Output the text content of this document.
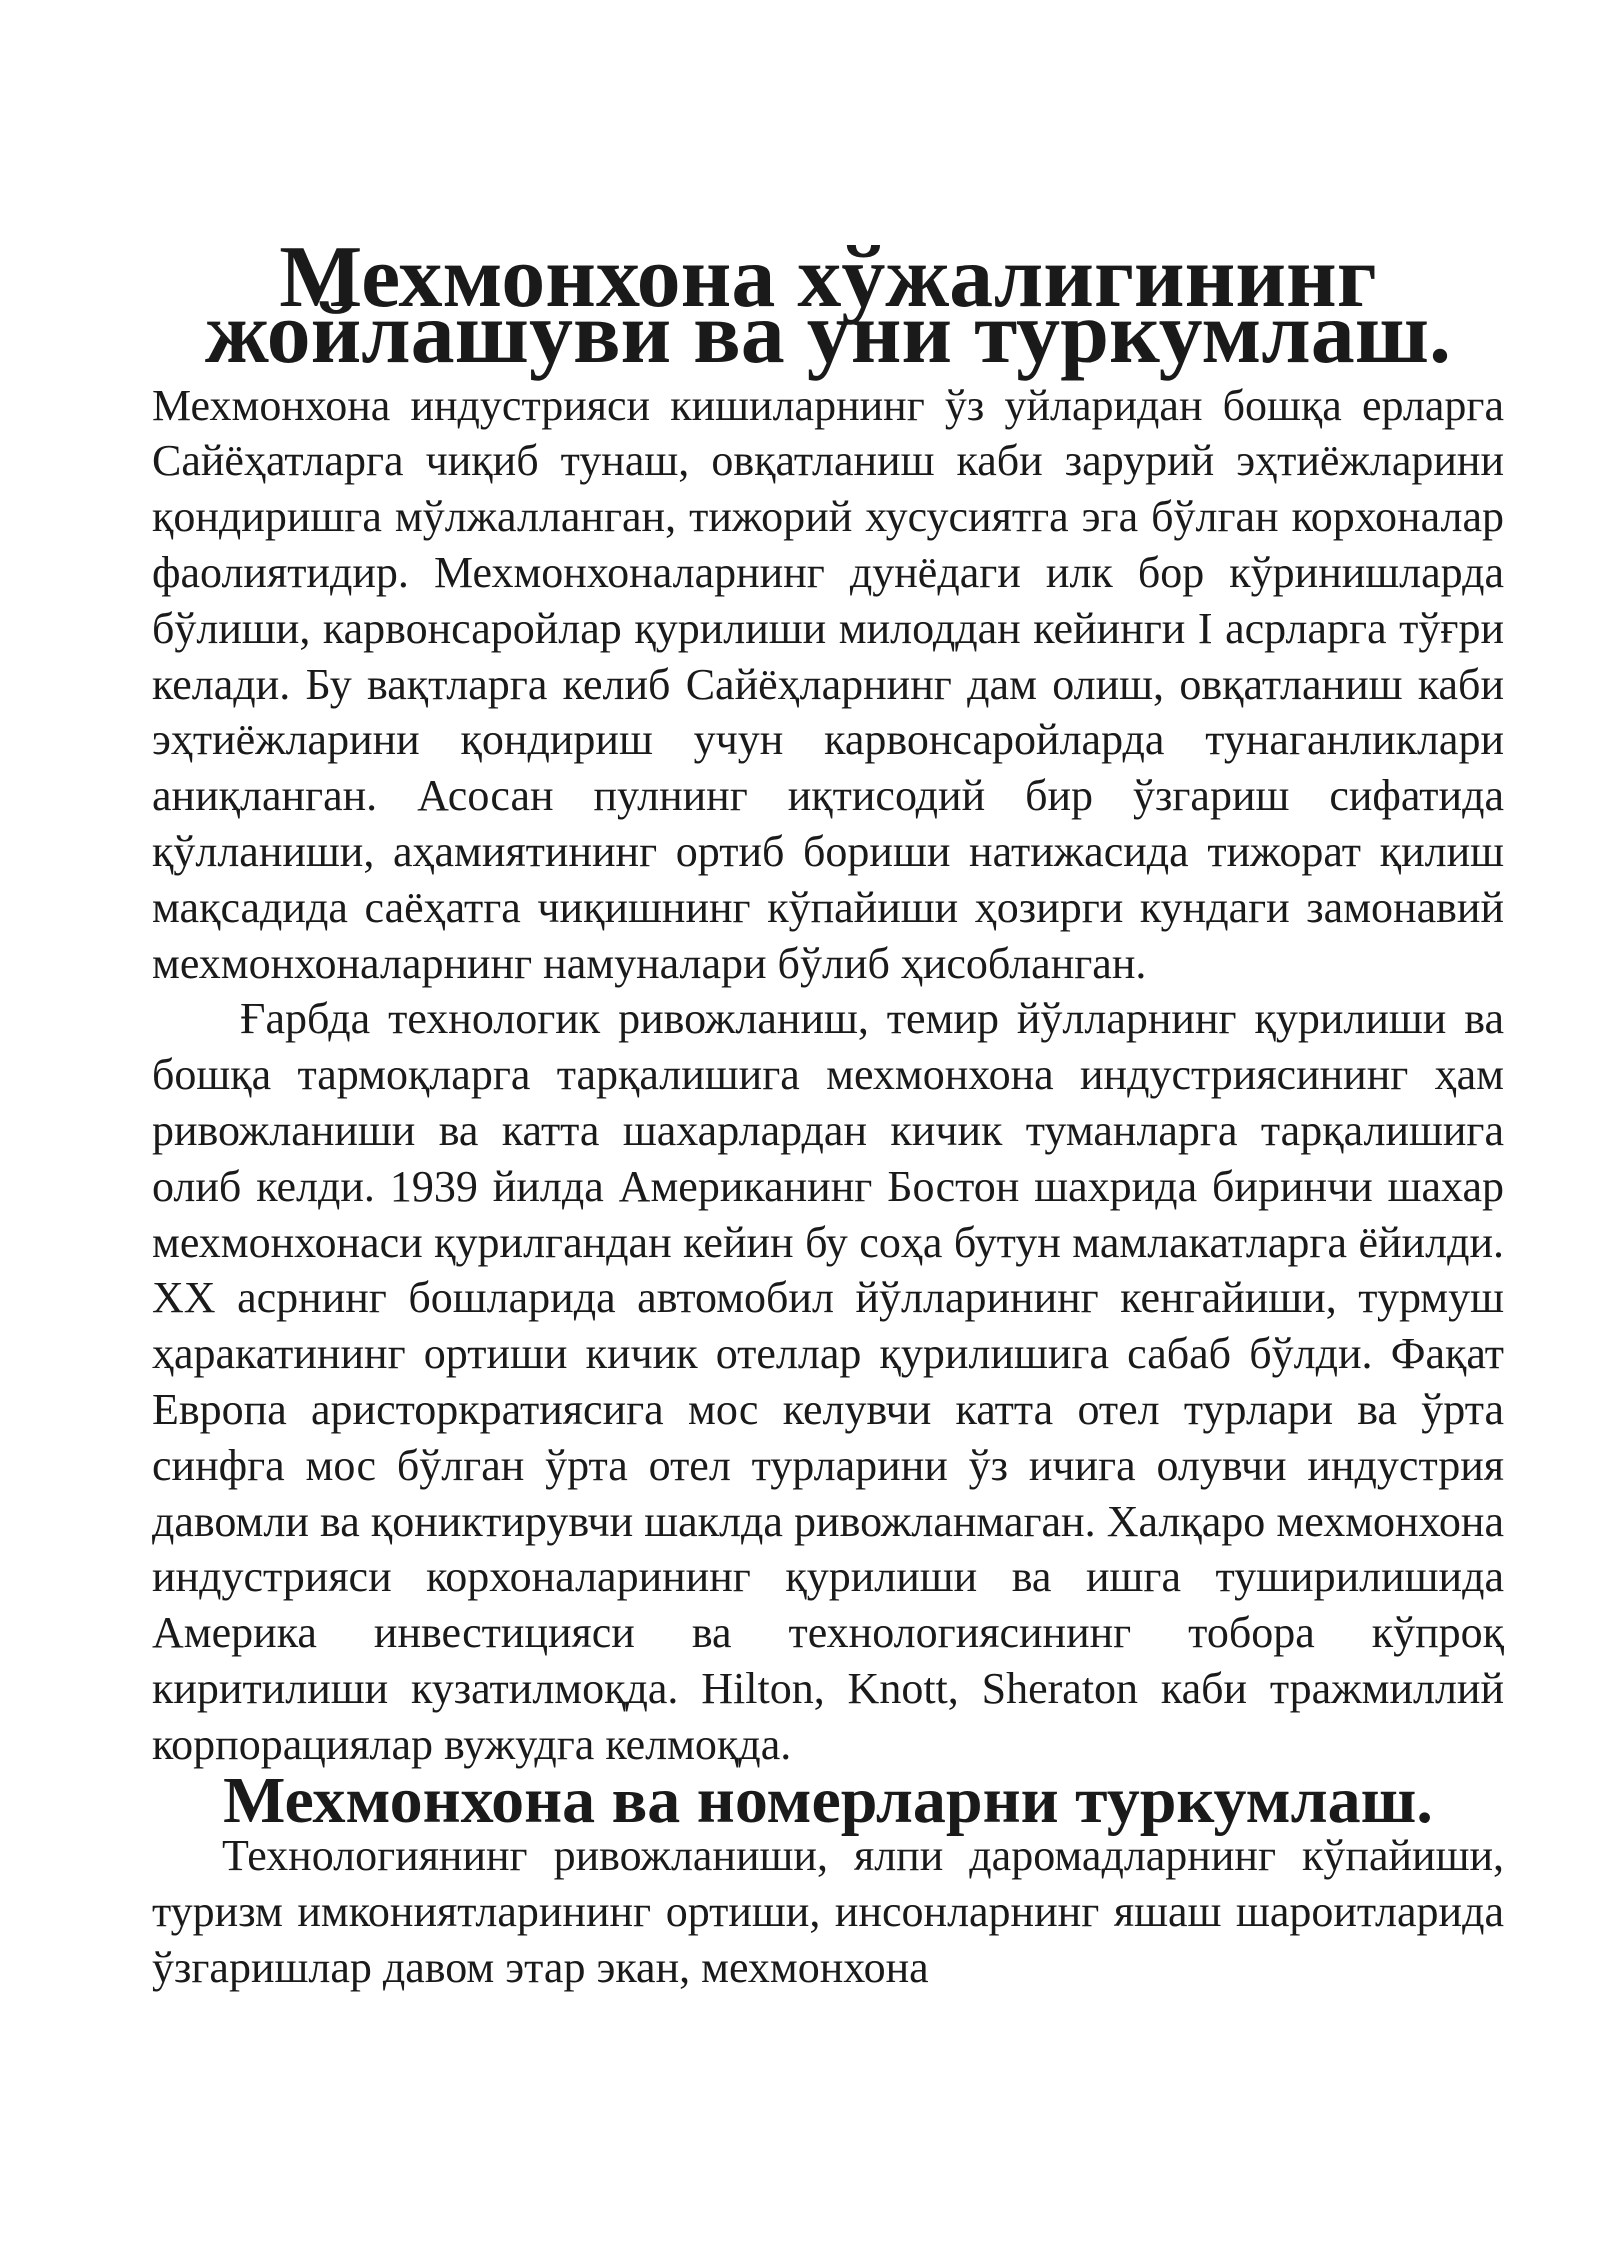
Мехмонхона хўжалигининг жойлашуви ва уни туркумлаш.

Мехмонхона индустрияси кишиларнинг ўз уйларидан бошқа ерларга Сайёҳатларга чиқиб тунаш, овқатланиш каби зарурий эҳтиёжларини қондиришга мўлжалланган, тижорий хусусиятга эга бўлган корхоналар фаолиятидир. Мехмонхоналарнинг дунёдаги илк бор кўринишларда бўлиши, карвонсаройлар қурилиши милоддан кейинги I асрларга тўғри келади. Бу вақтларга келиб Сайёҳларнинг дам олиш, овқатланиш каби эҳтиёжларини қондириш учун карвонсаройларда тунаганликлари аниқланган. Асосан пулнинг иқтисодий бир ўзгариш сифатида қўлланиши, аҳамиятининг ортиб бориши натижасида тижорат қилиш мақсадида саёҳатга чиқишнинг кўпайиши ҳозирги кундаги замонавий мехмонхоналарнинг намуналари бўлиб ҳисобланган.

Ғарбда технологик ривожланиш, темир йўлларнинг қурилиши ва бошқа тармоқларга тарқалишига мехмонхона индустриясининг ҳам ривожланиши ва катта шахарлардан кичик туманларга тарқалишига олиб келди. 1939 йилда Американинг Бостон шахрида биринчи шахар мехмонхонаси қурилгандан кейин бу соҳа бутун мамлакатларга ёйилди. XX асрнинг бошларида автомобил йўлларининг кенгайиши, турмуш ҳаракатининг ортиши кичик отеллар қурилишига сабаб бўлди. Фақат Европа аристоркратиясига мос келувчи катта отел турлари ва ўрта синфга мос бўлган ўрта отел турларини ўз ичига олувчи индустрия давомли ва қониктирувчи шаклда ривожланмаган. Халқаро мехмонхона индустрияси корхоналарининг қурилиши ва ишга туширилишида Америка инвестицияси ва технологиясининг тобора кўпроқ киритилиши кузатилмоқда. Hilton, Knott, Sheraton каби тражмиллий корпорациялар вужудга келмоқда.

Мехмонхона ва номерларни туркумлаш.

Технологиянинг ривожланиши, ялпи даромадларнинг кўпайиши, туризм имкониятларининг ортиши, инсонларнинг яшаш шароитларида ўзгаришлар давом этар экан, мехмонхона
